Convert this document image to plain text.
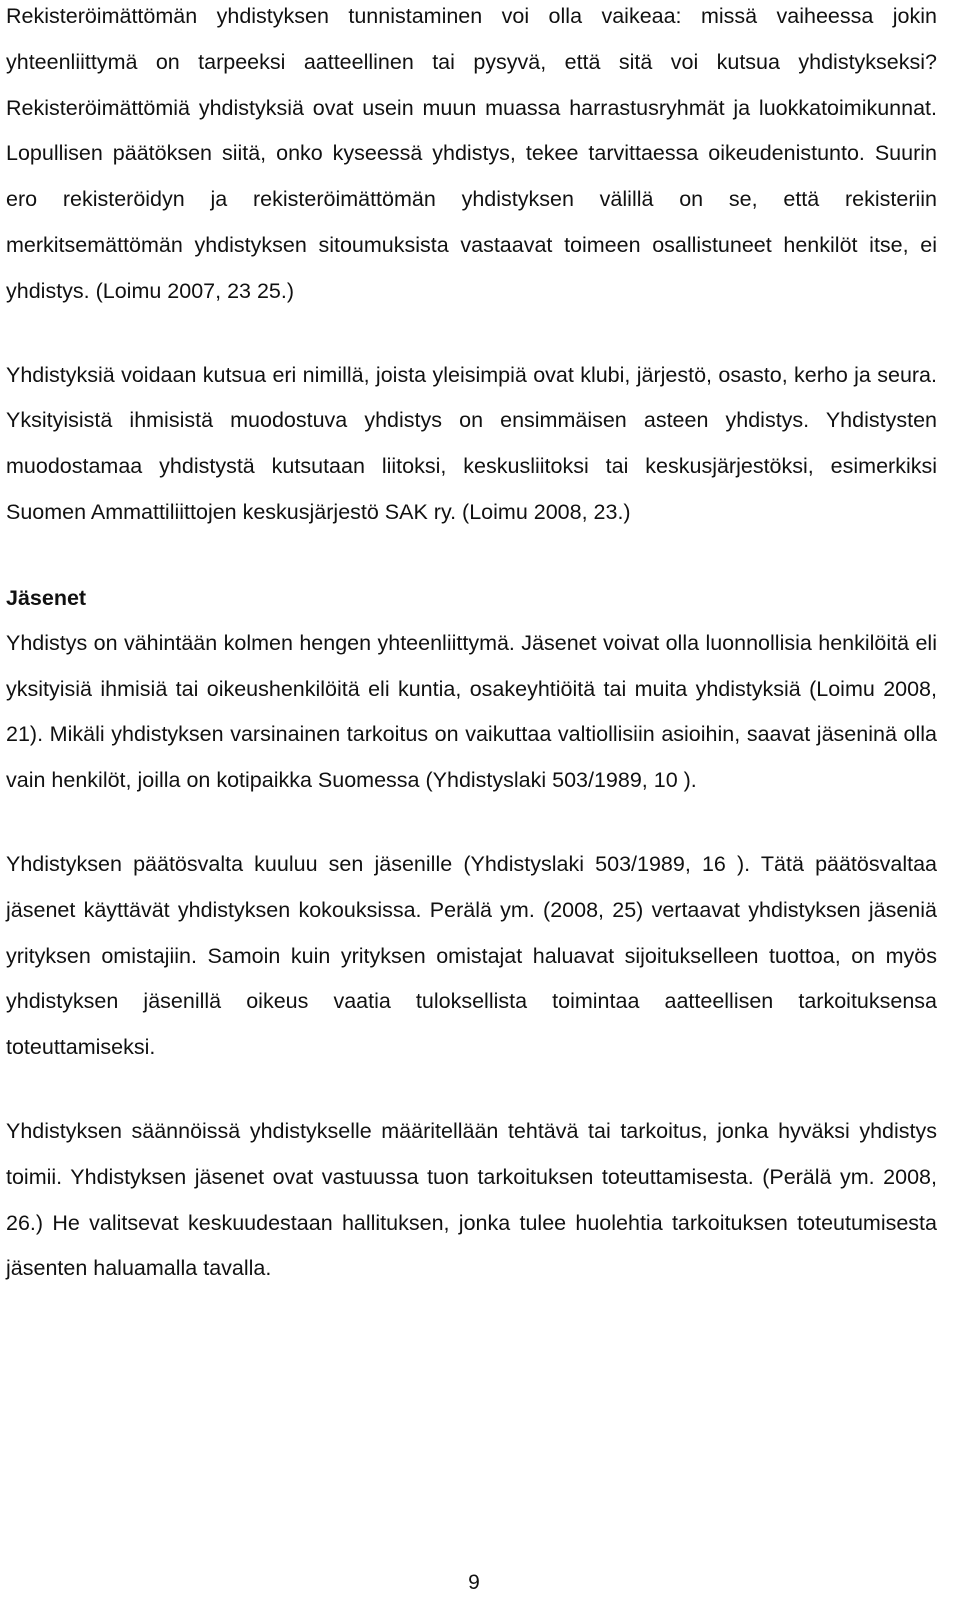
Rekisteröimättömän yhdistyksen tunnistaminen voi olla vaikeaa: missä vaiheessa jokin yhteenliittymä on tarpeeksi aatteellinen tai pysyvä, että sitä voi kutsua yhdistykseksi? Rekisteröimättömiä yhdistyksiä ovat usein muun muassa harrastusryhmät ja luokkatoimikunnat. Lopullisen päätöksen siitä, onko kyseessä yhdistys, tekee tarvittaessa oikeudenistunto. Suurin ero rekisteröidyn ja rekisteröimättömän yhdistyksen välillä on se, että rekisteriin merkitsemättömän yhdistyksen sitoumuksista vastaavat toimeen osallistuneet henkilöt itse, ei yhdistys. (Loimu 2007, 23 25.)

Yhdistyksiä voidaan kutsua eri nimillä, joista yleisimpiä ovat klubi, järjestö, osasto, kerho ja seura. Yksityisistä ihmisistä muodostuva yhdistys on ensimmäisen asteen yhdistys. Yhdistysten muodostamaa yhdistystä kutsutaan liitoksi, keskusliitoksi tai keskusjärjestöksi, esimerkiksi Suomen Ammattiliittojen keskusjärjestö SAK ry. (Loimu 2008, 23.)

Jäsenet

Yhdistys on vähintään kolmen hengen yhteenliittymä. Jäsenet voivat olla luonnollisia henkilöitä eli yksityisiä ihmisiä tai oikeushenkilöitä eli kuntia, osakeyhtiöitä tai muita yhdistyksiä (Loimu 2008, 21). Mikäli yhdistyksen varsinainen tarkoitus on vaikuttaa valtiollisiin asioihin, saavat jäseninä olla vain henkilöt, joilla on kotipaikka Suomessa (Yhdistyslaki 503/1989, 10 ).

Yhdistyksen päätösvalta kuuluu sen jäsenille (Yhdistyslaki 503/1989, 16 ). Tätä päätösvaltaa jäsenet käyttävät yhdistyksen kokouksissa. Perälä ym. (2008, 25) vertaavat yhdistyksen jäseniä yrityksen omistajiin. Samoin kuin yrityksen omistajat haluavat sijoitukselleen tuottoa, on myös yhdistyksen jäsenillä oikeus vaatia tuloksellista toimintaa aatteellisen tarkoituksensa toteuttamiseksi.

Yhdistyksen säännöissä yhdistykselle määritellään tehtävä tai tarkoitus, jonka hyväksi yhdistys toimii. Yhdistyksen jäsenet ovat vastuussa tuon tarkoituksen toteuttamisesta. (Perälä ym. 2008, 26.) He valitsevat keskuudestaan hallituksen, jonka tulee huolehtia tarkoituksen toteutumisesta jäsenten haluamalla tavalla.

9
